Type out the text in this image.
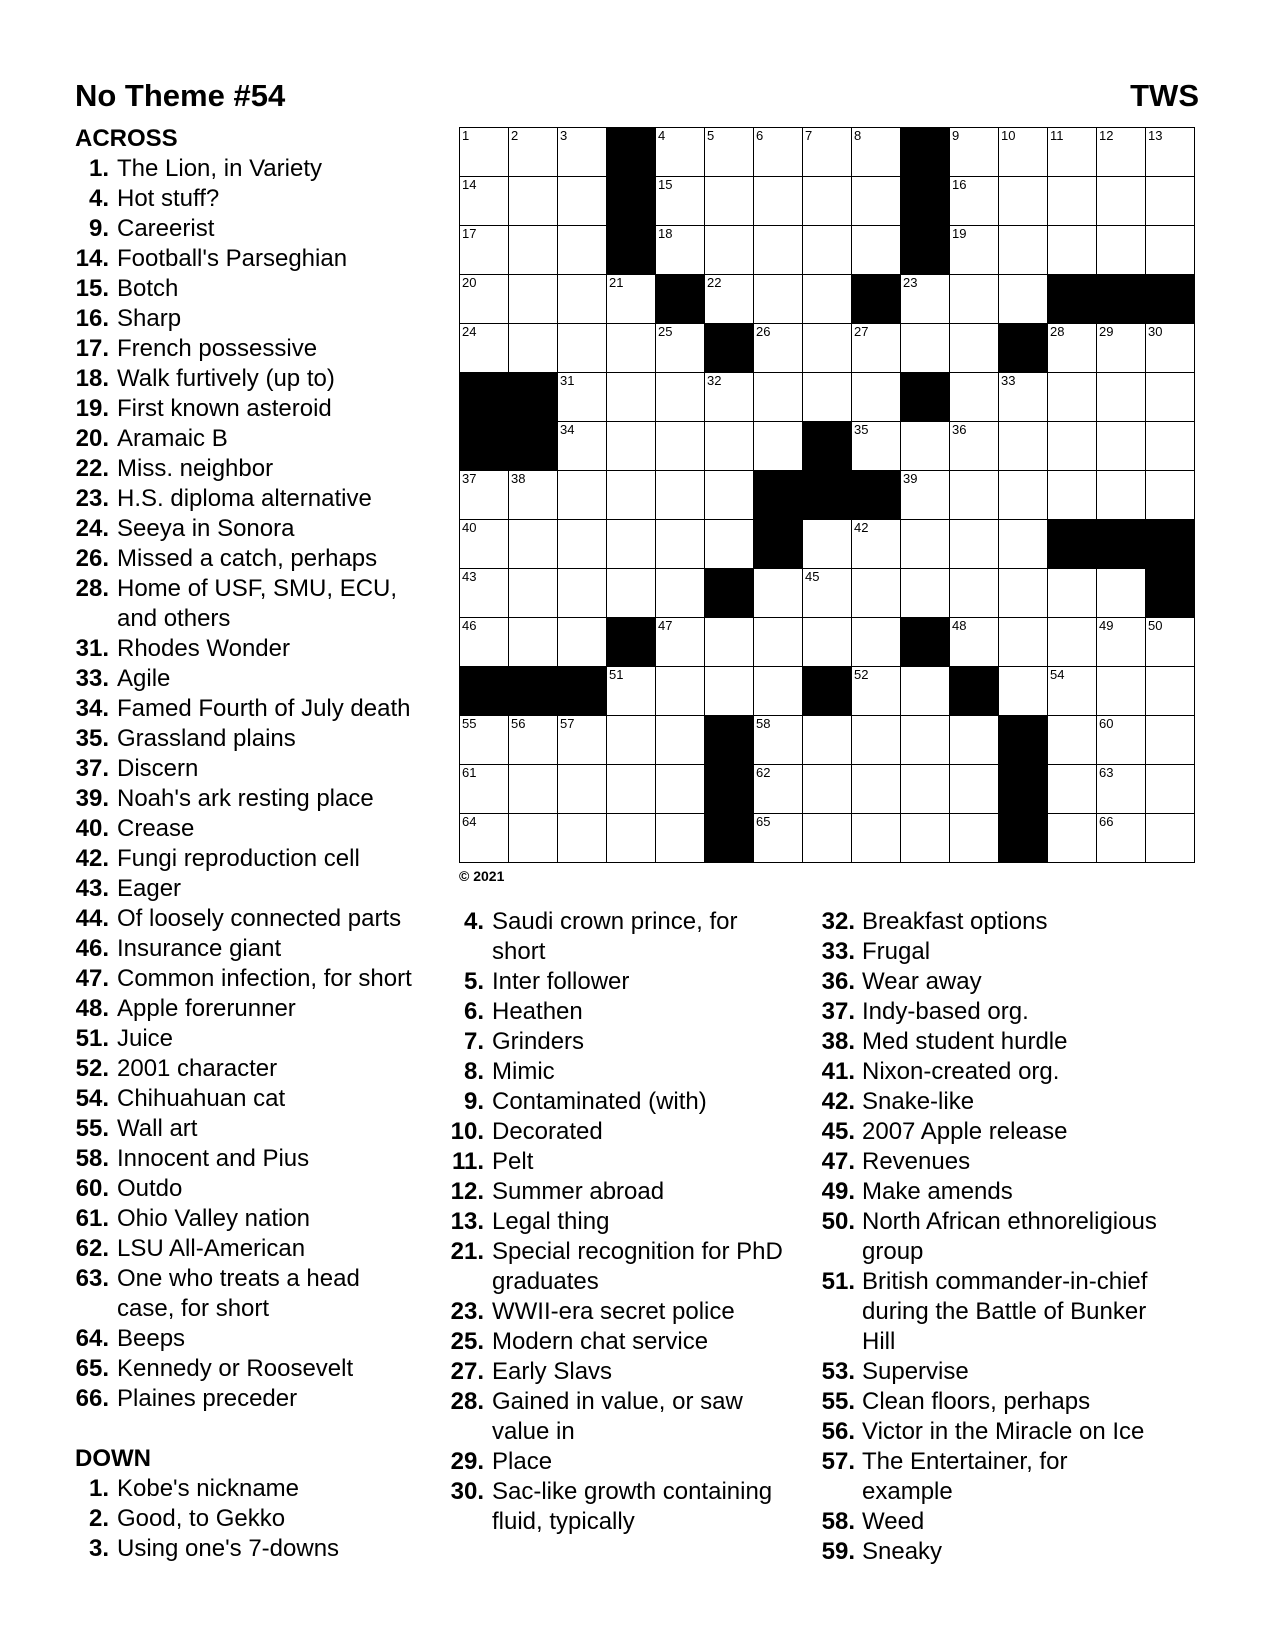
No Theme #54	TWS
ACROSS
1. The Lion, in Variety
4. Hot stuff?
9. Careerist
14. Football's Parseghian
15. Botch
16. Sharp
17. French possessive
18. Walk furtively (up to)
19. First known asteroid
20. Aramaic B
22. Miss. neighbor
23. H.S. diploma alternative
24. Seeya in Sonora
26. Missed a catch, perhaps
28. Home of USF, SMU, ECU,
and others
31. Rhodes Wonder
33. Agile
34. Famed Fourth of July death
35. Grassland plains
37. Discern
39. Noah's ark resting place
40. Crease
42. Fungi reproduction cell
43. Eager
44. Of loosely connected parts
46. Insurance giant
47. Common infection, for short
48. Apple forerunner
51. Juice
52. 2001 character
54. Chihuahuan cat
55. Wall art
58. Innocent and Pius
60. Outdo
61. Ohio Valley nation
62. LSU All-American
63. One who treats a head
case, for short
64. Beeps
65. Kennedy or Roosevelt
66. Plaines preceder
DOWN
1. Kobe's nickname
2. Good, to Gekko
3. Using one's 7-downs
1	2	3	4	5	6	7	8	9	10	11	12	13
14	15	16
17	18	19
20	21	22	23
24	25	26	27	28	29	30
31	32	33
34	35	36
37	38	39
40	42
43	45
46	47	48	49	50
51	52	54
55	56	57	58	60
61	62	63
64	65	66
© 2021
4. Saudi crown prince, for
short
5. Inter follower
6. Heathen
7. Grinders
8. Mimic
9. Contaminated (with)
10. Decorated
11. Pelt
12. Summer abroad
13. Legal thing
21. Special recognition for PhD
graduates
23. WWII-era secret police
25. Modern chat service
27. Early Slavs
28. Gained in value, or saw
value in
29. Place
30. Sac-like growth containing
fluid, typically
32. Breakfast options
33. Frugal
36. Wear away
37. Indy-based org.
38. Med student hurdle
41. Nixon-created org.
42. Snake-like
45. 2007 Apple release
47. Revenues
49. Make amends
50. North African ethnoreligious
group
51. British commander-in-chief
during the Battle of Bunker
Hill
53. Supervise
55. Clean floors, perhaps
56. Victor in the Miracle on Ice
57. The Entertainer, for
example
58. Weed
59. Sneaky
